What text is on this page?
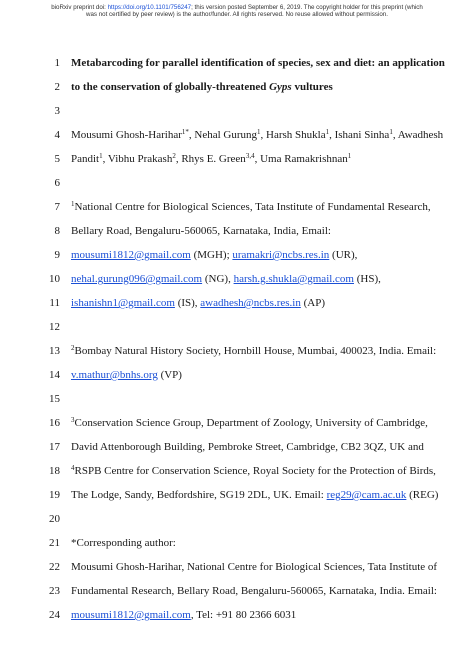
bioRxiv preprint doi: https://doi.org/10.1101/756247; this version posted September 6, 2019. The copyright holder for this preprint (which
was not certified by peer review) is the author/funder. All rights reserved. No reuse allowed without permission.
1 Metabarcoding for parallel identification of species, sex and diet: an application
2 to the conservation of globally-threatened Gyps vultures
3
4 Mousumi Ghosh-Harihar$^{1*}$, Nehal Gurung$^1$, Harsh Shukla$^1$, Ishani Sinha$^1$, Awadhesh
5 Pandit$^1$, Vibhu Prakash$^2$, Rhys E. Green$^{3,4}$, Uma Ramakrishnan$^1$
6
7 $^1$National Centre for Biological Sciences, Tata Institute of Fundamental Research,
8 Bellary Road, Bengaluru-560065, Karnataka, India, Email:
9 mousumi1812@gmail.com (MGH); uramakri@ncbs.res.in (UR),
10 nehal.gurung096@gmail.com (NG), harsh.g.shukla@gmail.com (HS),
11 ishanishn1@gmail.com (IS), awadhesh@ncbs.res.in (AP)
12
13 $^2$Bombay Natural History Society, Hornbill House, Mumbai, 400023, India. Email:
14 v.mathur@bnhs.org (VP)
15
16 $^3$Conservation Science Group, Department of Zoology, University of Cambridge,
17 David Attenborough Building, Pembroke Street, Cambridge, CB2 3QZ, UK and
18 $^4$RSPB Centre for Conservation Science, Royal Society for the Protection of Birds,
19 The Lodge, Sandy, Bedfordshire, SG19 2DL, UK. Email: reg29@cam.ac.uk (REG)
20
21 *Corresponding author:
22 Mousumi Ghosh-Harihar, National Centre for Biological Sciences, Tata Institute of
23 Fundamental Research, Bellary Road, Bengaluru-560065, Karnataka, India. Email:
24 mousumi1812@gmail.com, Tel: +91 80 2366 6031
